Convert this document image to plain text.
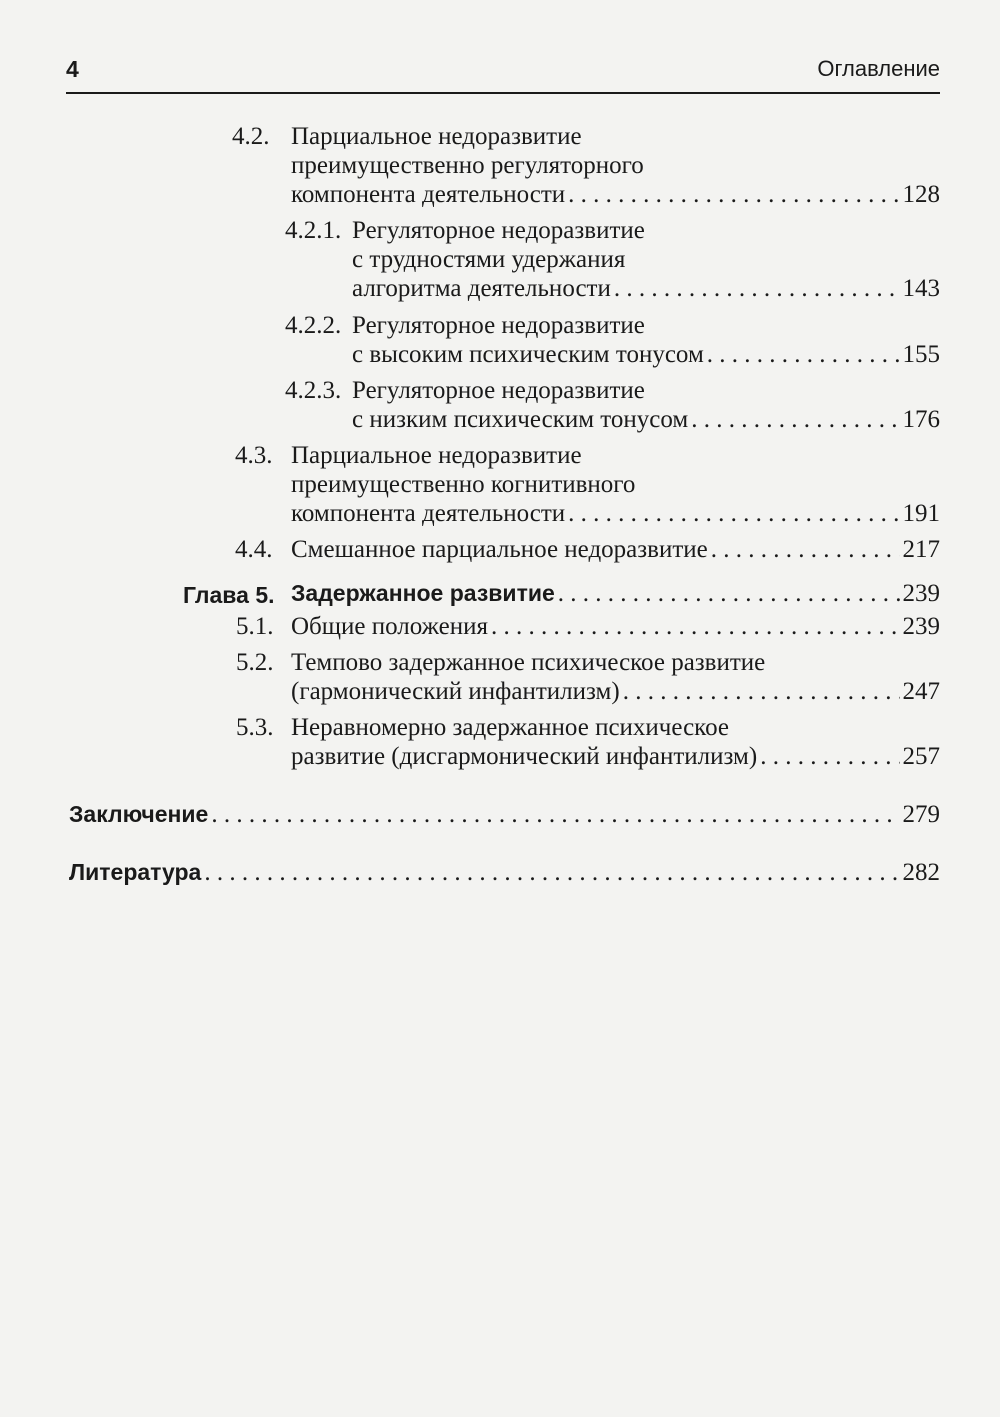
4	Оглавление
4.2. Парциальное недоразвитие
преимущественно регуляторного
компонента деятельности . . .	128
4.2.1. Регуляторное недоразвитие
с трудностями удержания
алгоритма деятельности . . .	143
4.2.2. Регуляторное недоразвитие
с высоким психическим тонусом . . .	155
4.2.3. Регуляторное недоразвитие
с низким психическим тонусом . . .	176
4.3. Парциальное недоразвитие
преимущественно когнитивного
компонента деятельности . . .	191
4.4. Смешанное парциальное недоразвитие . . .	217
Глава 5. Задержанное развитие . . .	239
5.1. Общие положения . . .	239
5.2. Темпово задержанное психическое развитие
(гармонический инфантилизм) . . .	247
5.3. Неравномерно задержанное психическое
развитие (дисгармонический инфантилизм) . . .	257
Заключение . . .	279
Литература . . .	282
